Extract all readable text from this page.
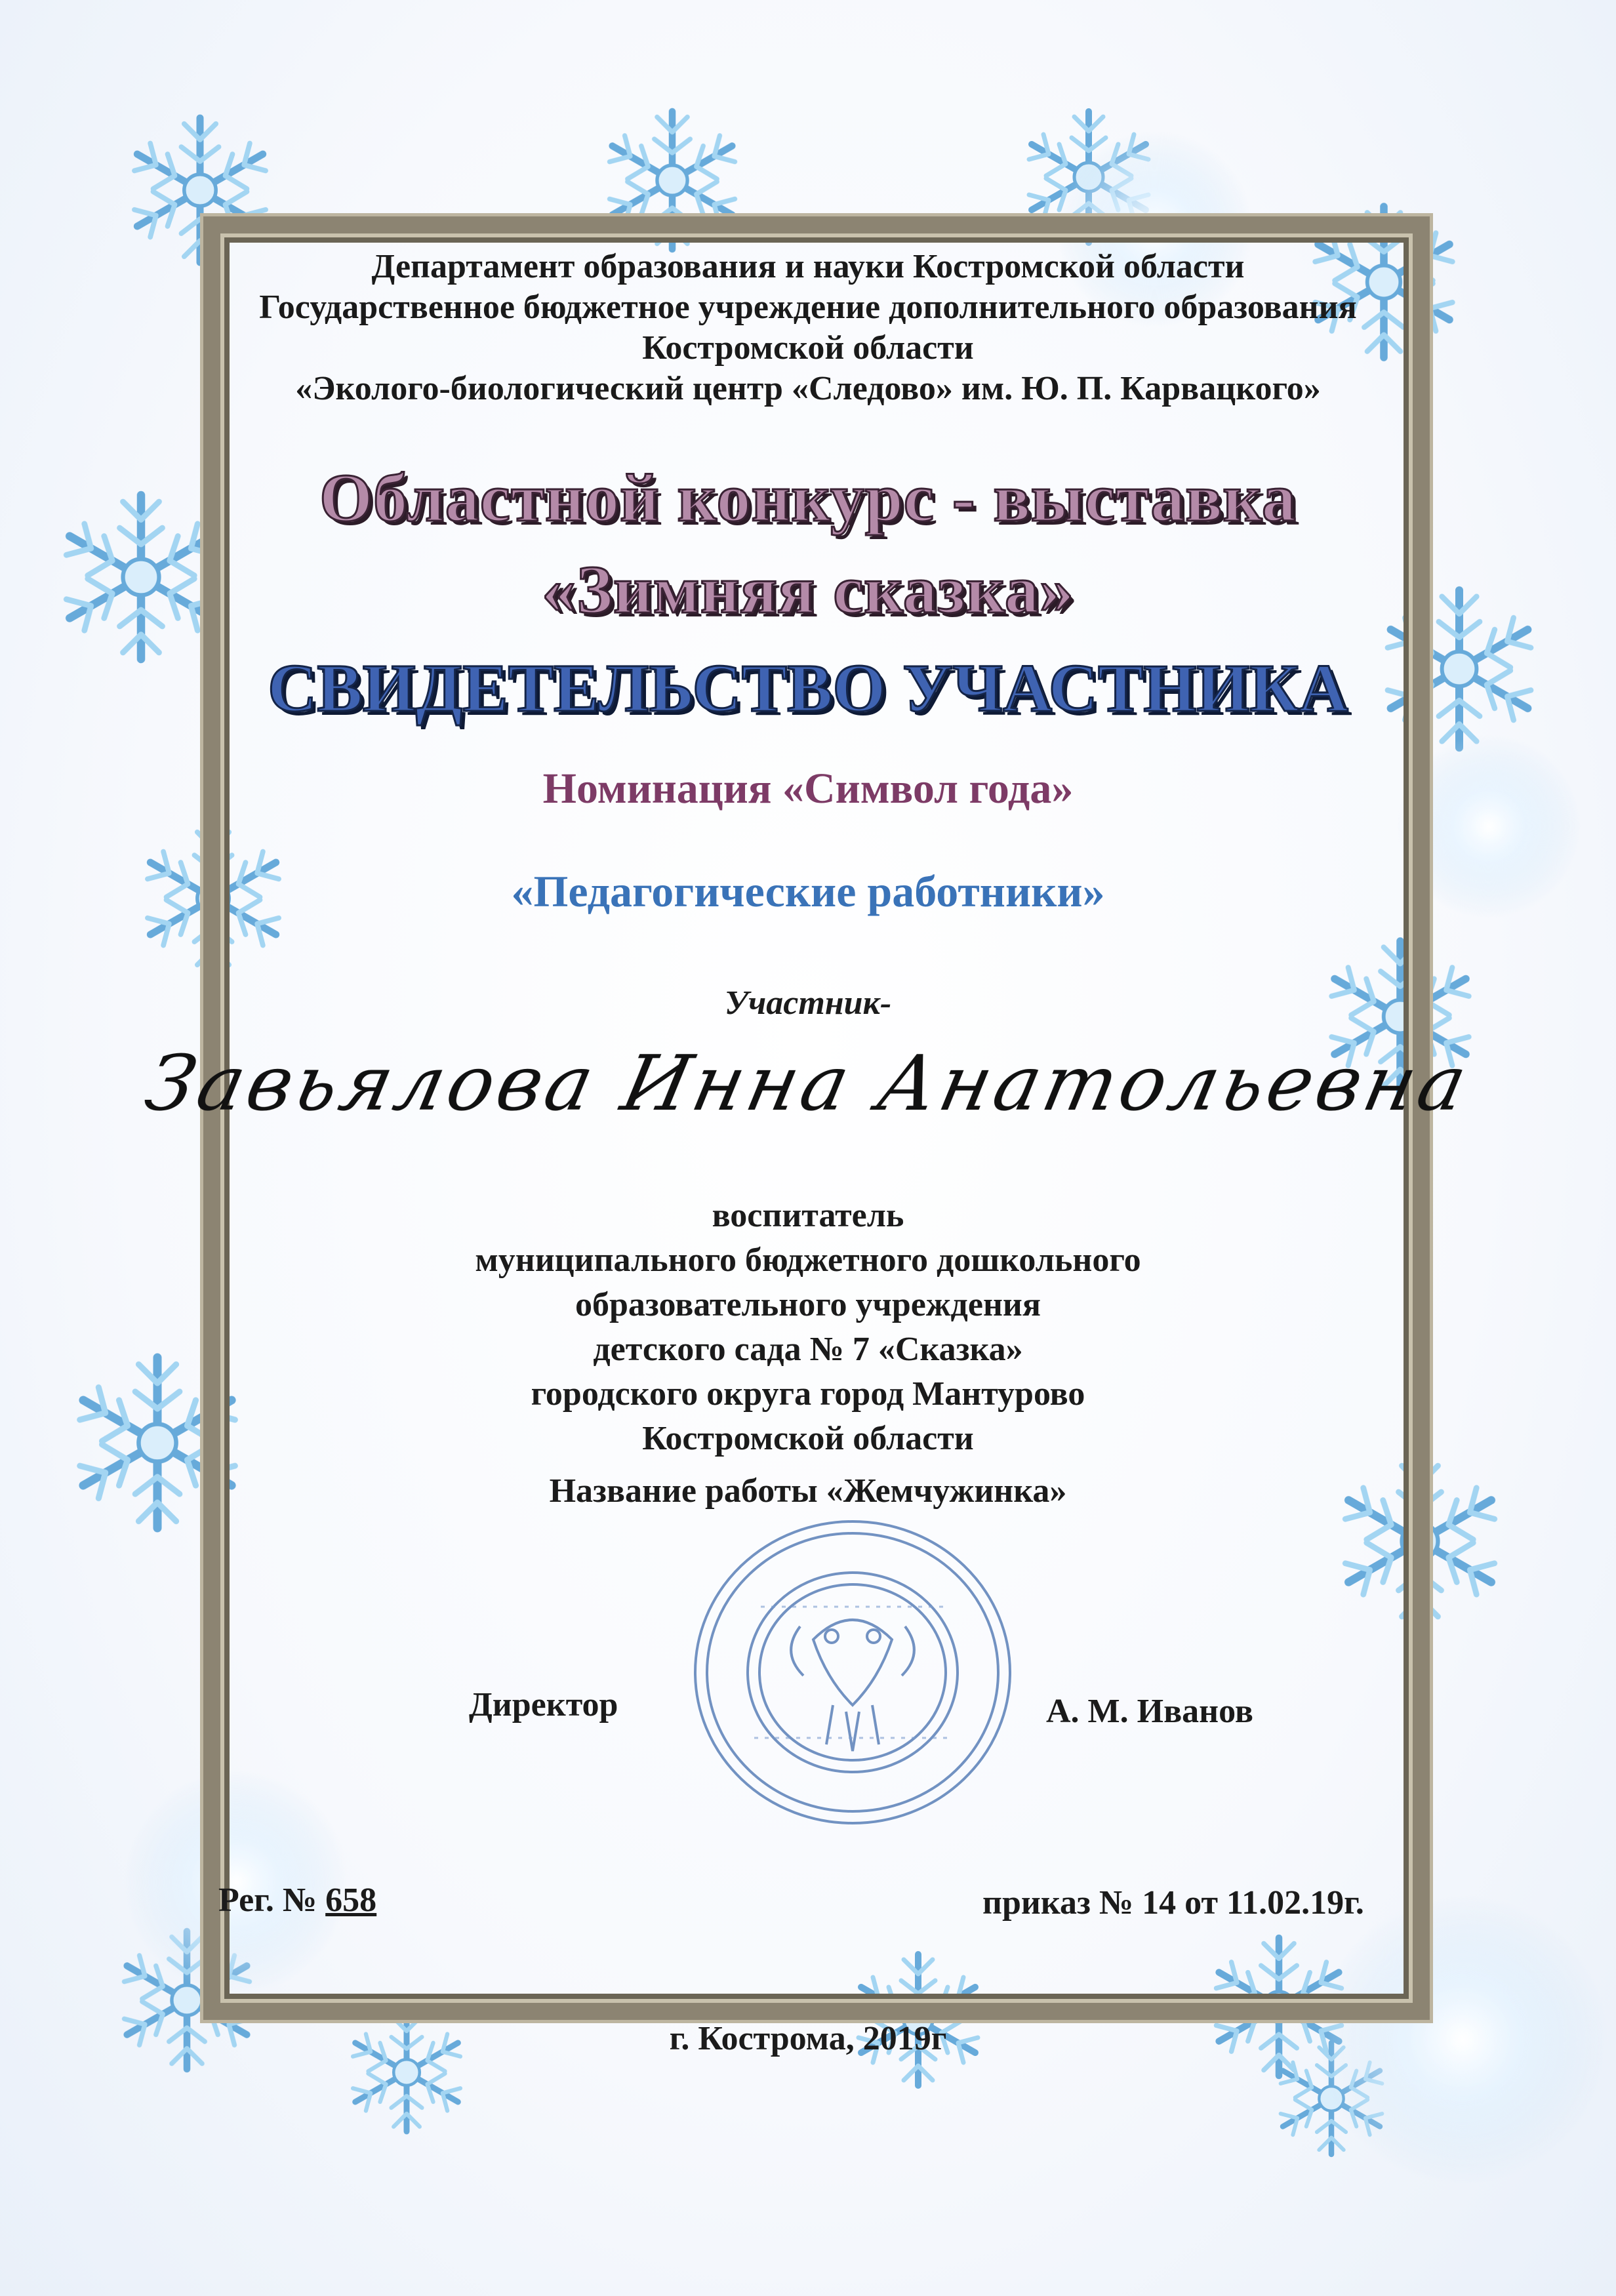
Департамент образования и науки Костромской области
Государственное бюджетное учреждение дополнительного образования
Костромской области
«Эколого-биологический центр «Следово» им. Ю. П. Карвацкого»
Областной конкурс - выставка
«Зимняя сказка»
СВИДЕТЕЛЬСТВО УЧАСТНИКА
Номинация «Символ года»
«Педагогические работники»
Участник-
Завьялова Инна Анатольевна
воспитатель
муниципального бюджетного дошкольного
образовательного учреждения
детского сада № 7 «Сказка»
городского округа город Мантурово
Костромской области
Название работы «Жемчужинка»
Директор	А. М. Иванов
Рег. № 658	приказ № 14 от 11.02.19г.
г. Кострома, 2019г
